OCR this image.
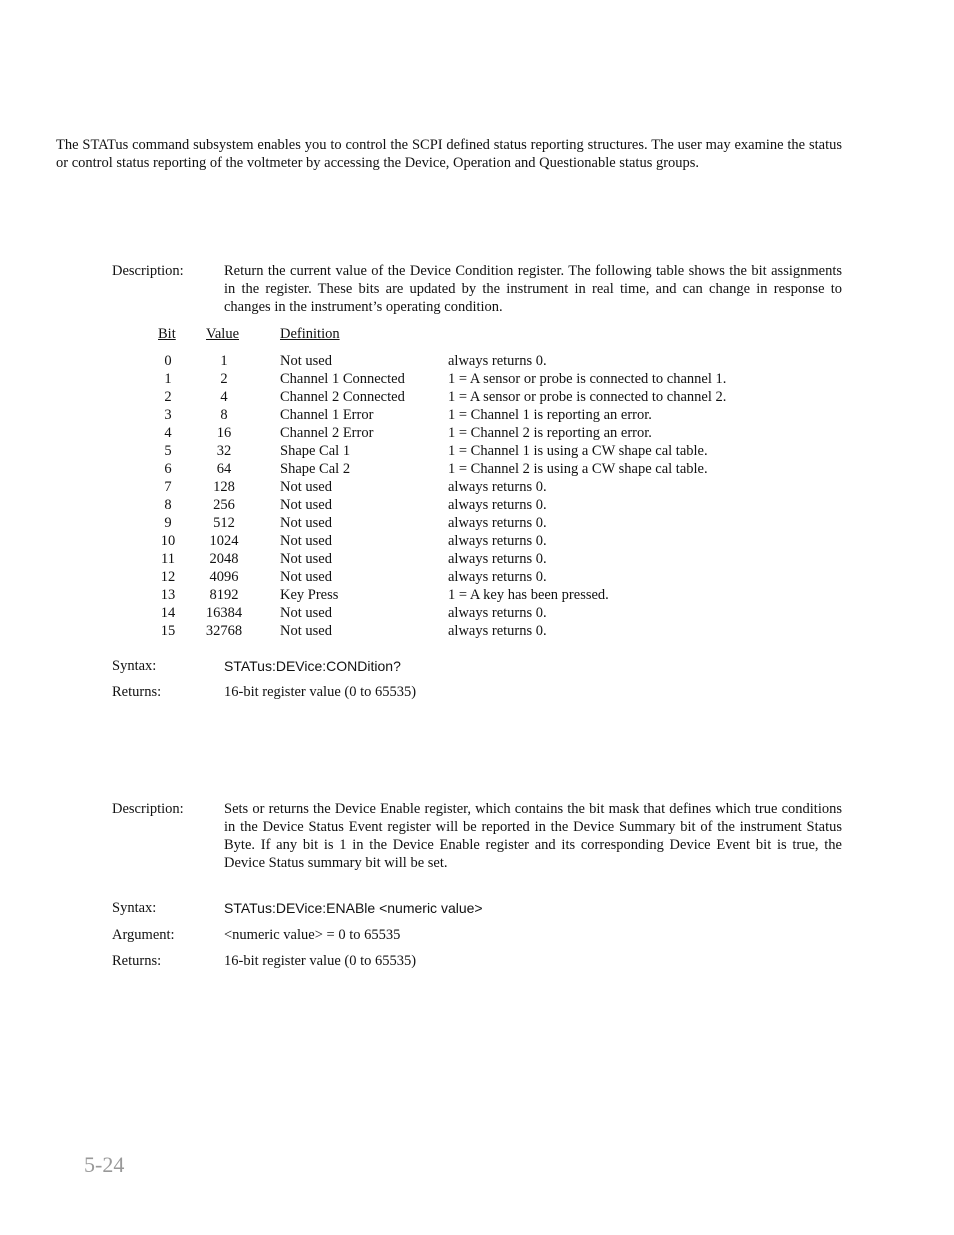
The STATus command subsystem enables you to control the SCPI defined status reporting structures. The user may examine the status or control status reporting of the voltmeter by accessing the Device, Operation and Questionable status groups.

Description:	Return the current value of the Device Condition register. The following table shows the bit assignments in the register. These bits are updated by the instrument in real time, and can change in response to changes in the instrument’s operating condition.

Bit Value	Definition
0	1	Not used	always returns 0.
1	2	Channel 1 Connected	1 = A sensor or probe is connected to channel 1.
2	4	Channel 2 Connected	1 = A sensor or probe is connected to channel 2.
3	8	Channel 1 Error	1 = Channel 1 is reporting an error.
4	16	Channel 2 Error	1 = Channel 2 is reporting an error.
5	32	Shape Cal 1	1 = Channel 1 is using a CW shape cal table.
6	64	Shape Cal 2	1 = Channel 2 is using a CW shape cal table.
7	128	Not used	always returns 0.
8	256	Not used	always returns 0.
9	512	Not used	always returns 0.
10	1024	Not used	always returns 0.
11	2048	Not used	always returns 0.
12	4096	Not used	always returns 0.
13	8192	Key Press	1 = A key has been pressed.
14	16384	Not used	always returns 0.
15	32768	Not used	always returns 0.
Syntax:	STATus:DEVice:CONDition?
Returns:	16-bit register value (0 to 65535)
Description:	Sets or returns the Device Enable register, which contains the bit mask that defines which true conditions in the Device Status Event register will be reported in the Device Summary bit of the instrument Status Byte. If any bit is 1 in the Device Enable register and its corresponding Device Event bit is true, the Device Status summary bit will be set.

Syntax:	STATus:DEVice:ENABle <numeric value>
Argument:	<numeric value> = 0 to 65535
Returns:	16-bit register value (0 to 65535)
5-24
